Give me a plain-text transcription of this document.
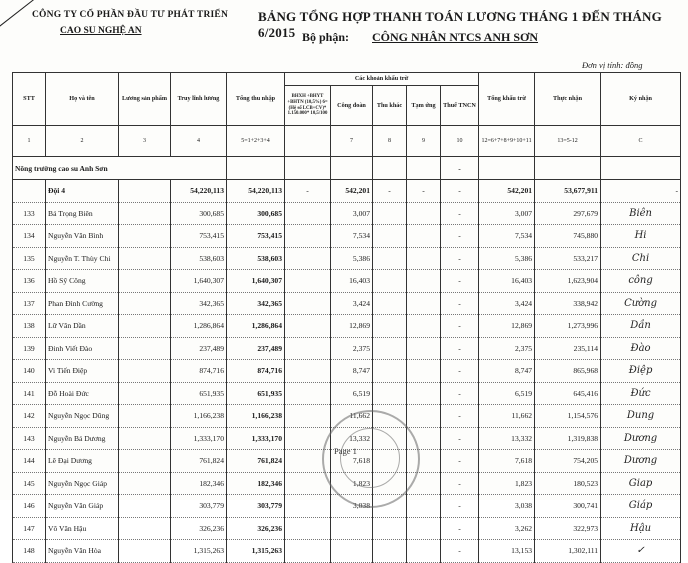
CÔNG TY CỔ PHẦN ĐẦU TƯ PHÁT TRIỂN
CAO SU NGHỆ AN
BẢNG TỔNG HỢP THANH TOÁN LƯƠNG THÁNG 1 ĐẾN THÁNG 6/2015 Bộ phận: CÔNG NHÂN NTCS ANH SƠN
Đơn vị tính: đồng
STT	Họ và tên	Lương sản phẩm	Truy lĩnh lương	Tổng thu nhập	Các khoản khấu trừ					Tổng khấu trừ	Thực nhận	Ký nhận
					BHXH +BHYT +BHTN (10,5%) 6=(Hệ số LCB+CV)* 1.150.000* 10,5/100	Công đoàn	Thu khác	Tạm ứng	Thuế TNCN			
1	2	3	4	5=1+2+3+4		7	8	9	10	12=6+7+8+9+10+11	13=5-12	C
Nông trường cao su Anh Sơn									-			
	Đội 4		54,220,113	54,220,113	-	542,201	-	-	-	542,201	53,677,911	-
133	Bá Trọng Biên		300,685	300,685		3,007			-	3,007	297,679	Biên
134	Nguyễn Văn Bình		753,415	753,415		7,534			-	7,534	745,880	Hi
135	Nguyễn T. Thùy Chi		538,603	538,603		5,386			-	5,386	533,217	Chi
136	Hồ Sỹ Công		1,640,307	1,640,307		16,403			-	16,403	1,623,904	công
137	Phan Đình Cường		342,365	342,365		3,424			-	3,424	338,942	Cường
138	Lữ Văn Dần		1,286,864	1,286,864		12,869			-	12,869	1,273,996	Dần
139	Đinh Viết Đào		237,489	237,489		2,375			-	2,375	235,114	Đào
140	Vi Tiến Điệp		874,716	874,716		8,747			-	8,747	865,968	Điệp
141	Đỗ Hoài Đức		651,935	651,935		6,519			-	6,519	645,416	Đức
142	Nguyễn Ngọc Dũng		1,166,238	1,166,238		11,662			-	11,662	1,154,576	Dung
143	Nguyễn Bá Dương		1,333,170	1,333,170		13,332			-	13,332	1,319,838	Dương
144	Lê Đại Dương		761,824	761,824		7,618			-	7,618	754,205	Dương
145	Nguyễn Ngọc Giáp		182,346	182,346		1,823			-	1,823	180,523	Giap
146	Nguyễn Văn Giáp		303,779	303,779		3,038			-	3,038	300,741	Giáp
147	Võ Văn Hậu		326,236	326,236					-	3,262	322,973	Hậu
148	Nguyễn Văn Hòa		1,315,263	1,315,263					-	13,153	1,302,111	✓
Page 1
